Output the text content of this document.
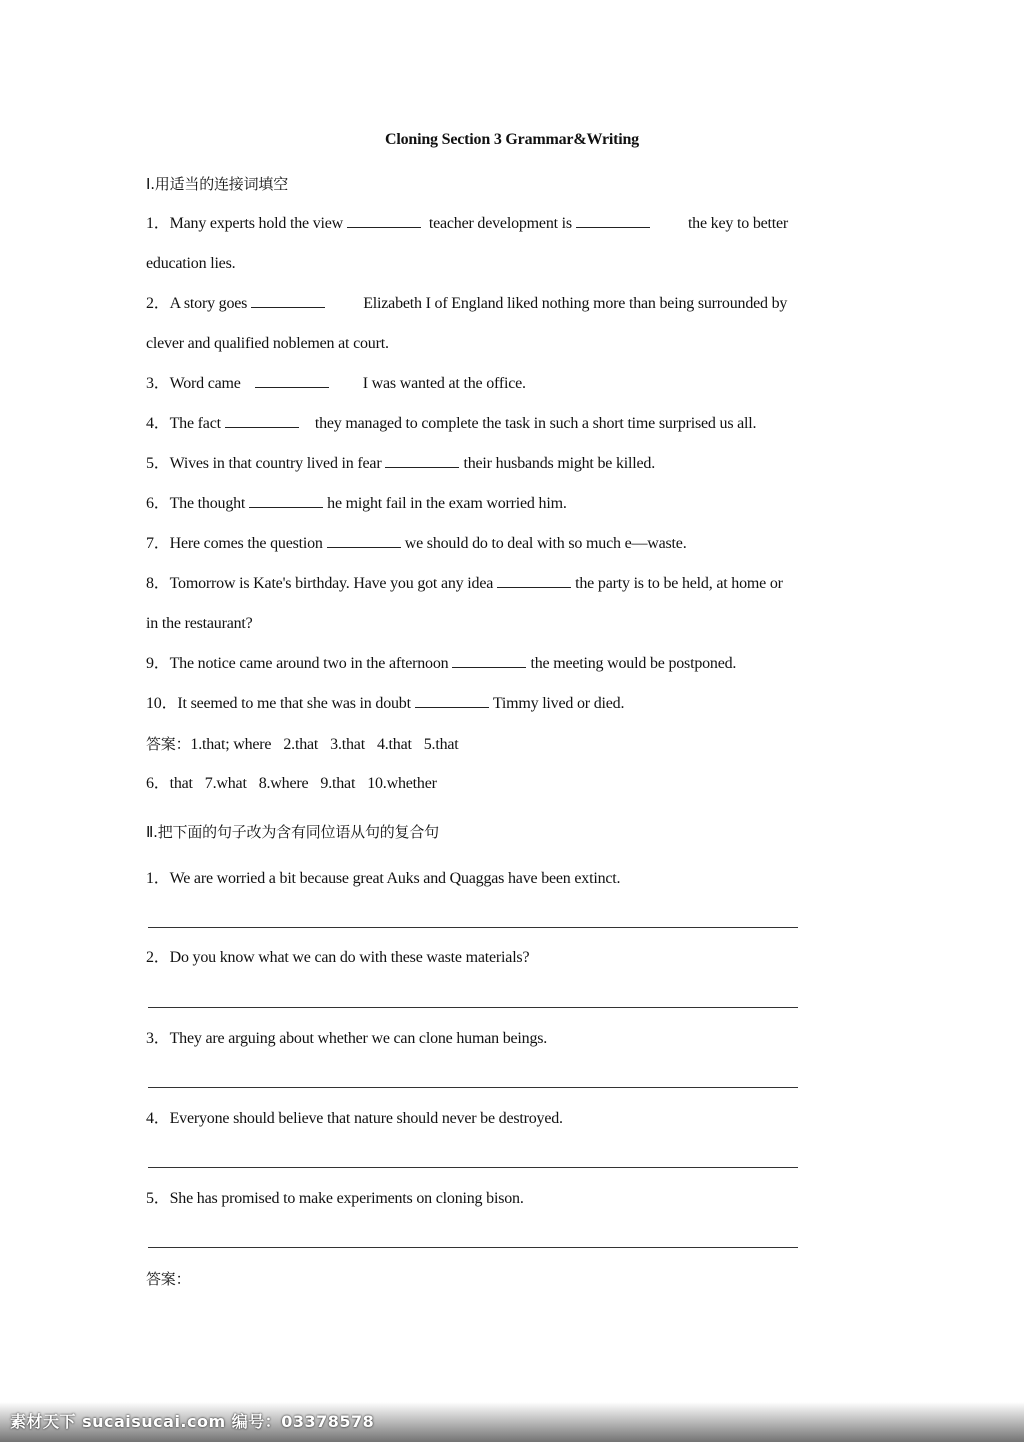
Cloning Section 3 Grammar&Writing
Ⅰ.用适当的连接词填空
1．Many experts hold the view	teacher development is	the key to better
education lies.
2．A story goes	Elizabeth I of England liked nothing more than being surrounded by
clever and qualified noblemen at court.
3．Word came	I was wanted at the office.
4．The fact	they managed to complete the task in such a short time surprised us all.
5．Wives in that country lived in fear	their husbands might be killed.
6．The thought	he might fail in the exam worried him.
7．Here comes the question	we should do to deal with so much e—waste.
8．Tomorrow is Kate's birthday. Have you got any idea	the party is to be held, at home or
in the restaurant?
9．The notice came around two in the afternoon	the meeting would be postponed.
10．It seemed to me that she was in doubt	Timmy lived or died.
答案：1.that; where 2.that 3.that 4.that 5.that
6．that 7.what 8.where 9.that 10.whether
Ⅱ.把下面的句子改为含有同位语从句的复合句
1．We are worried a bit because great Auks and Quaggas have been extinct.
2．Do you know what we can do with these waste materials?
3．They are arguing about whether we can clone human beings.
4．Everyone should believe that nature should never be destroyed.
5．She has promised to make experiments on cloning bison.
答案：
素材天下 sucaisucai.com 编号：03378578
